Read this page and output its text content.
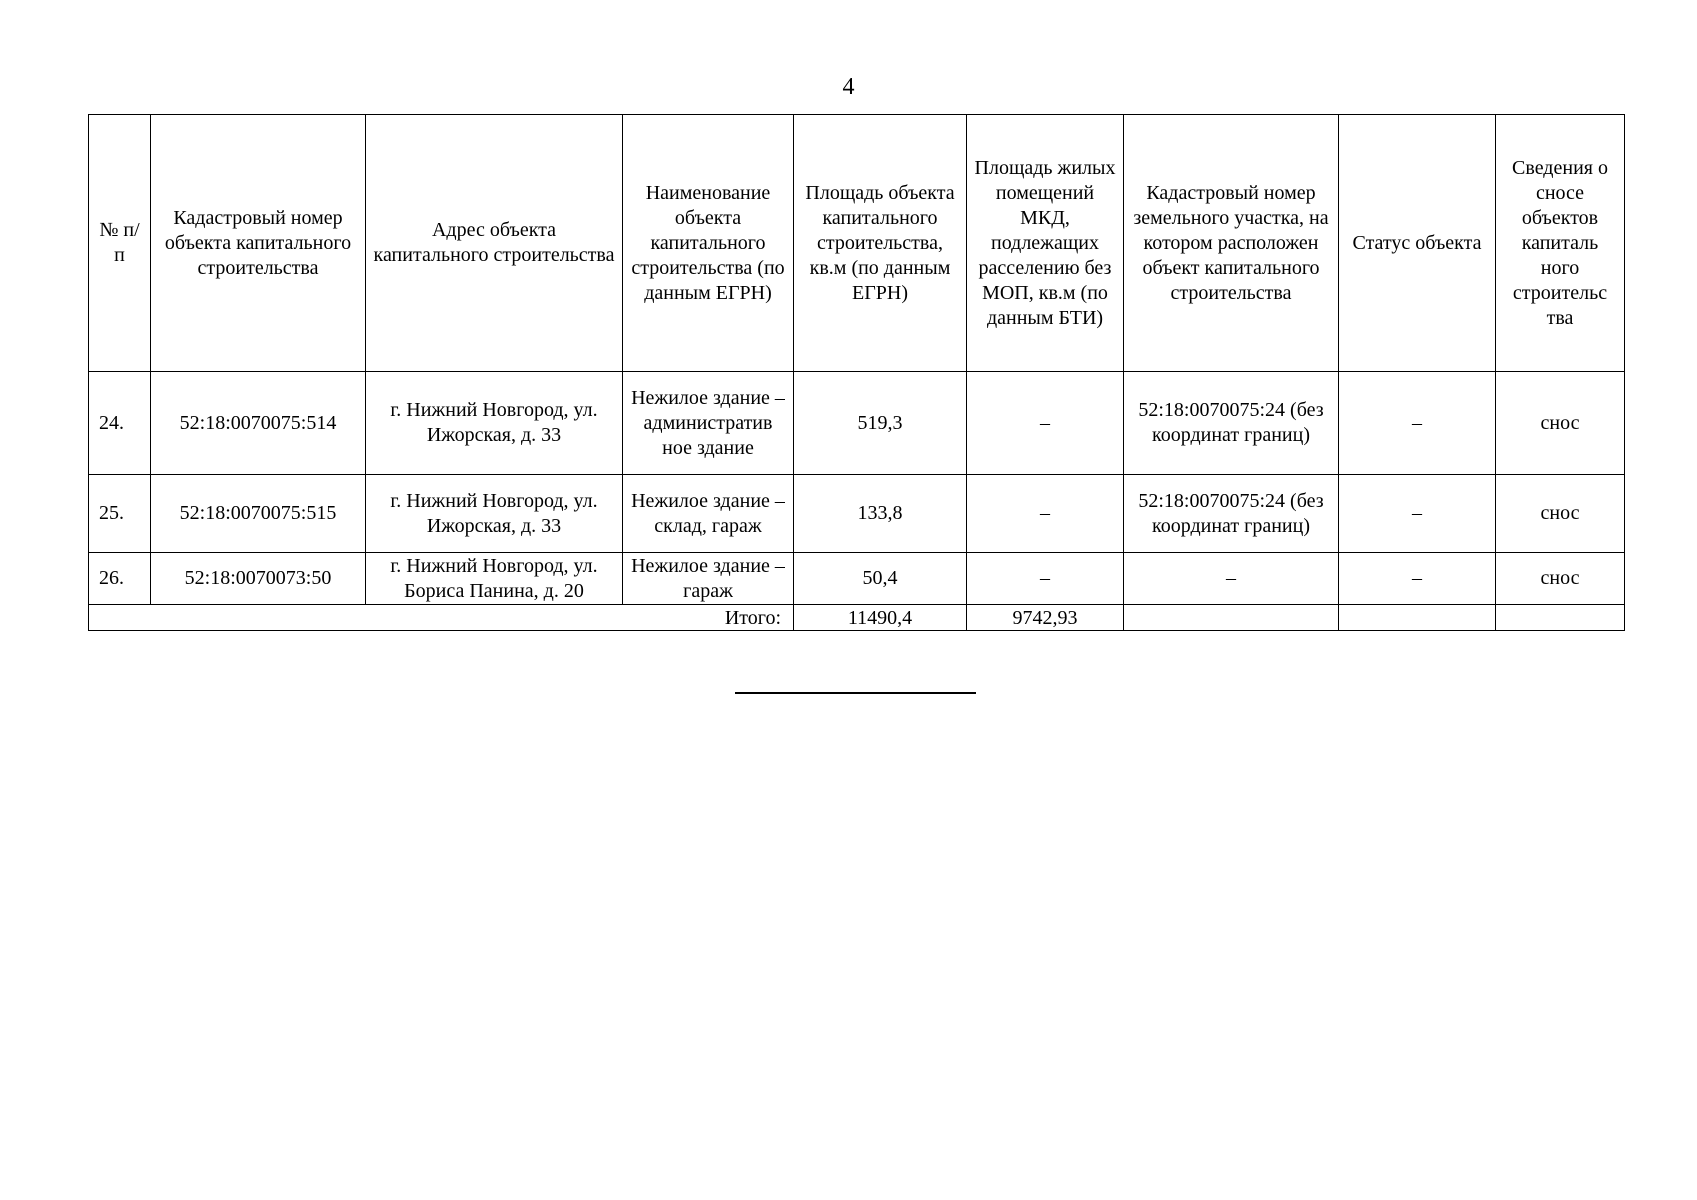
4
№ п/п	Кадастровый номер объекта капитального строительства	Адрес объекта капитального строительства	Наименование объекта капитального строительства (по данным ЕГРН)	Площадь объекта капитального строительства, кв.м (по данным ЕГРН)	Площадь жилых помещений МКД, подлежащих расселению без МОП, кв.м (по данным БТИ)	Кадастровый номер земельного участка, на котором расположен объект капитального строительства	Статус объекта	Сведения о сносе объектов капиталь ного строительс тва
24.	52:18:0070075:514	г. Нижний Новгород, ул. Ижорская, д. 33	Нежилое здание – административ ное здание	519,3	–	52:18:0070075:24 (без координат границ)	–	снос
25.	52:18:0070075:515	г. Нижний Новгород, ул. Ижорская, д. 33	Нежилое здание – склад, гараж	133,8	–	52:18:0070075:24 (без координат границ)	–	снос
26.	52:18:0070073:50	г. Нижний Новгород, ул. Бориса Панина, д. 20	Нежилое здание – гараж	50,4	–	–	–	снос
Итого:				11490,4	9742,93			
